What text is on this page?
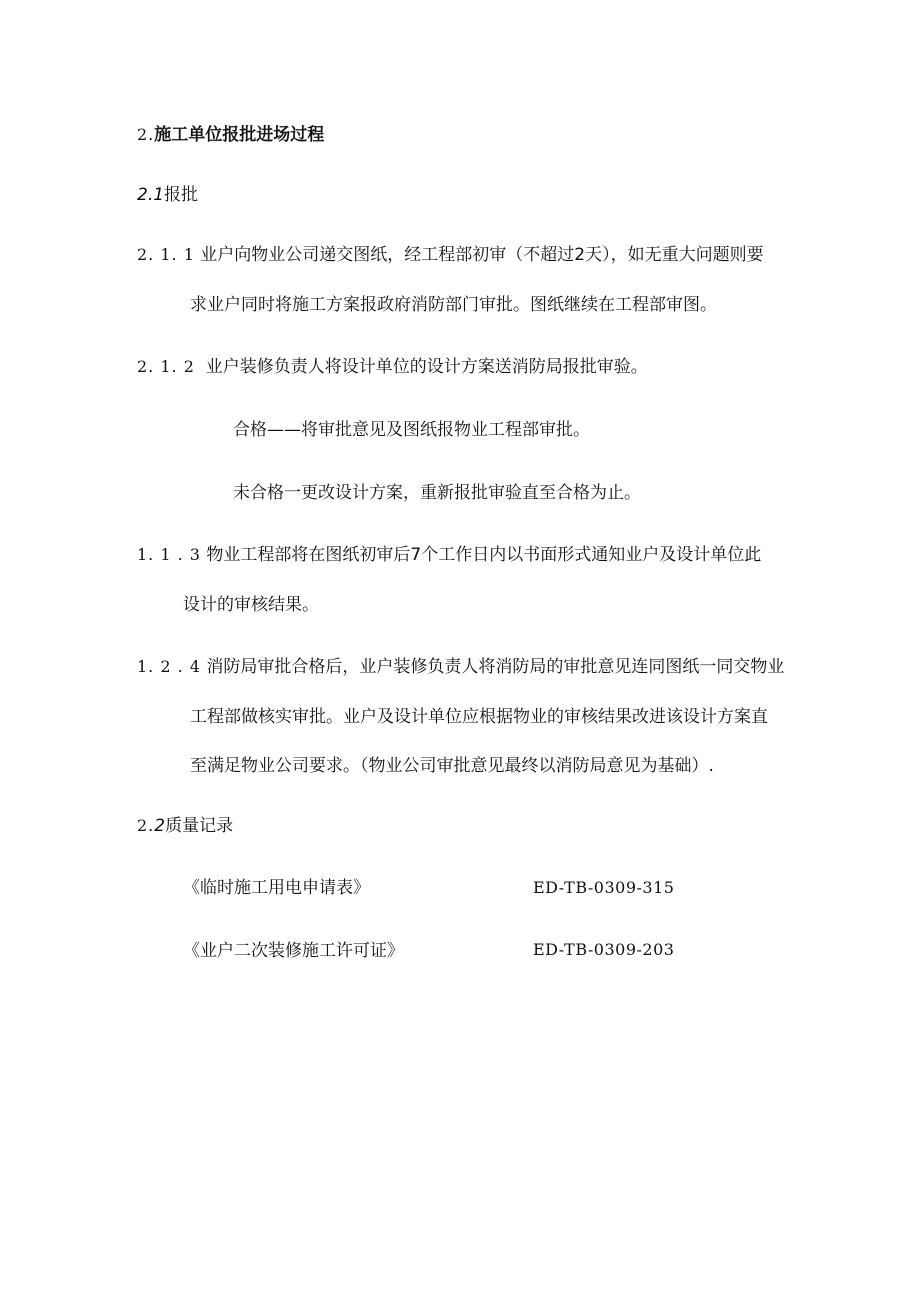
2.施工单位报批进场过程
2.1报批
2. 1. 1 业户向物业公司递交图纸，经工程部初审（不超过2天），如无重大问题则要
求业户同时将施工方案报政府消防部门审批。图纸继续在工程部审图。
2. 1. 2 业户装修负责人将设计单位的设计方案送消防局报批审验。
合格——将审批意见及图纸报物业工程部审批。
未合格一更改设计方案，重新报批审验直至合格为止。
1. 1 . 3 物业工程部将在图纸初审后7个工作日内以书面形式通知业户及设计单位此
设计的审核结果。
1. 2 . 4 消防局审批合格后，业户装修负责人将消防局的审批意见连同图纸一同交物业
工程部做核实审批。业户及设计单位应根据物业的审核结果改进该设计方案直
至满足物业公司要求。（物业公司审批意见最终以消防局意见为基础）.
2.2质量记录
《临时施工用电申请表》	ED-TB-0309-315
《业户二次装修施工许可证》	ED-TB-0309-203
